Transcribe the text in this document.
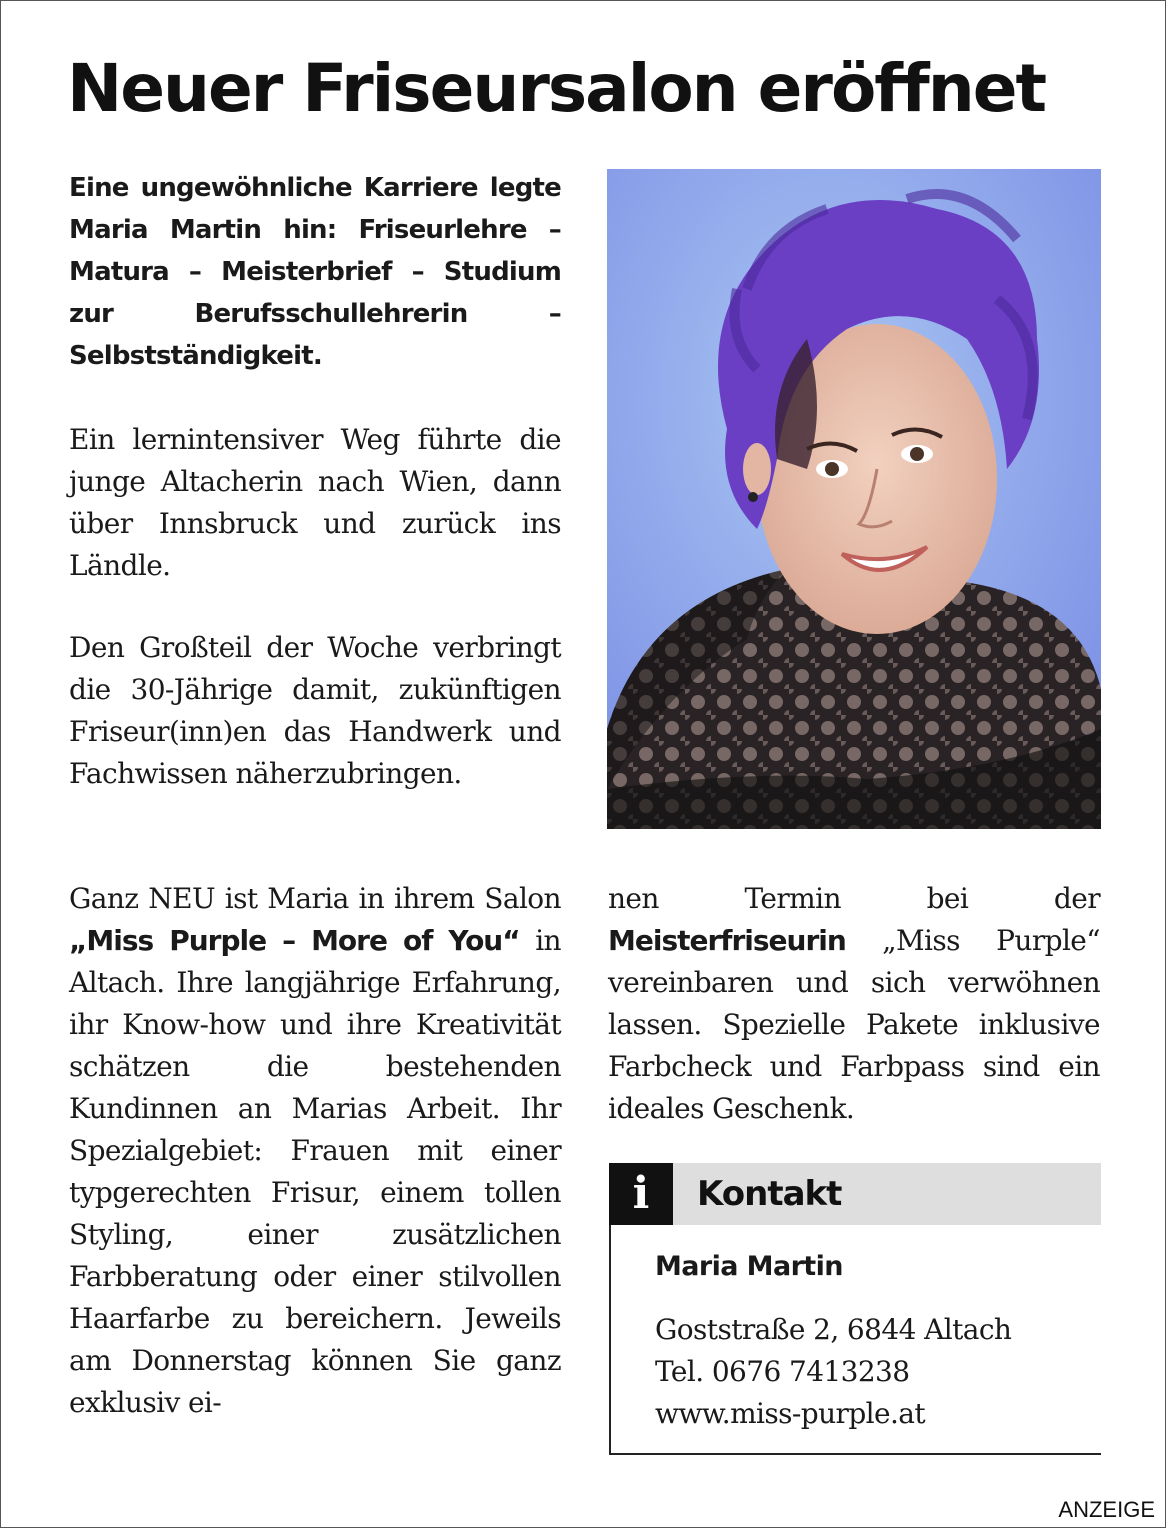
Neuer Friseursalon eröffnet

Eine ungewöhnliche Karriere legte Maria Martin hin: Friseurlehre – Matura – Meisterbrief – Studium zur Berufsschullehrerin – Selbstständigkeit.

Ein lernintensiver Weg führte die junge Altacherin nach Wien, dann über Innsbruck und zurück ins Ländle.

Den Großteil der Woche verbringt die 30-Jährige damit, zukünftigen Friseur(inn)en das Handwerk und Fachwissen näherzubringen.

Ganz NEU ist Maria in ihrem Salon „Miss Purple – More of You“ in Altach. Ihre langjährige Erfahrung, ihr Know-how und ihre Kreativität schätzen die bestehenden Kundinnen an Marias Arbeit. Ihr Spezialgebiet: Frauen mit einer typgerechten Frisur, einem tollen Styling, einer zusätzlichen Farbberatung oder einer stilvollen Haarfarbe zu bereichern. Jeweils am Donnerstag können Sie ganz exklusiv ei-

nen Termin bei der Meisterfriseurin „Miss Purple“ vereinbaren und sich verwöhnen lassen. Spezielle Pakete inklusive Farbcheck und Farbpass sind ein ideales Geschenk.

i	Kontakt

Maria Martin

Goststraße 2, 6844 Altach

Tel. 0676 7413238

www.miss-purple.at

ANZEIGE
